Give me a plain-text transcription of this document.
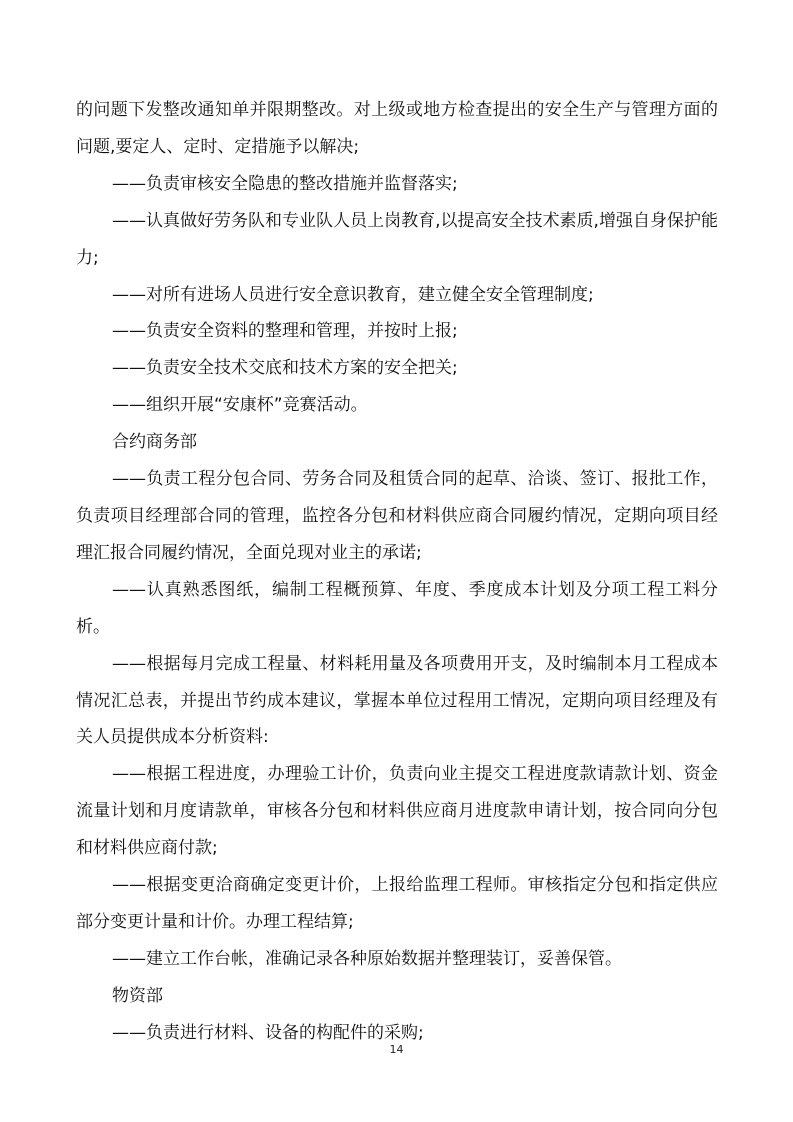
的问题下发整改通知单并限期整改。对上级或地方检查提出的安全生产与管理方面的问题,要定人、定时、定措施予以解决;

——负责审核安全隐患的整改措施并监督落实;

——认真做好劳务队和专业队人员上岗教育,以提高安全技术素质,增强自身保护能力;

——对所有进场人员进行安全意识教育，建立健全安全管理制度;

——负责安全资料的整理和管理，并按时上报;

——负责安全技术交底和技术方案的安全把关;

——组织开展“安康杯”竞赛活动。

合约商务部

——负责工程分包合同、劳务合同及租赁合同的起草、洽谈、签订、报批工作，负责项目经理部合同的管理，监控各分包和材料供应商合同履约情况，定期向项目经理汇报合同履约情况，全面兑现对业主的承诺;

——认真熟悉图纸，编制工程概预算、年度、季度成本计划及分项工程工料分析。

——根据每月完成工程量、材料耗用量及各项费用开支，及时编制本月工程成本情况汇总表，并提出节约成本建议，掌握本单位过程用工情况，定期向项目经理及有关人员提供成本分析资料:

——根据工程进度，办理验工计价，负责向业主提交工程进度款请款计划、资金流量计划和月度请款单，审核各分包和材料供应商月进度款申请计划，按合同向分包和材料供应商付款;

——根据变更洽商确定变更计价，上报给监理工程师。审核指定分包和指定供应部分变更计量和计价。办理工程结算;

——建立工作台帐，准确记录各种原始数据并整理装订，妥善保管。

物资部

——负责进行材料、设备的构配件的采购;

14
